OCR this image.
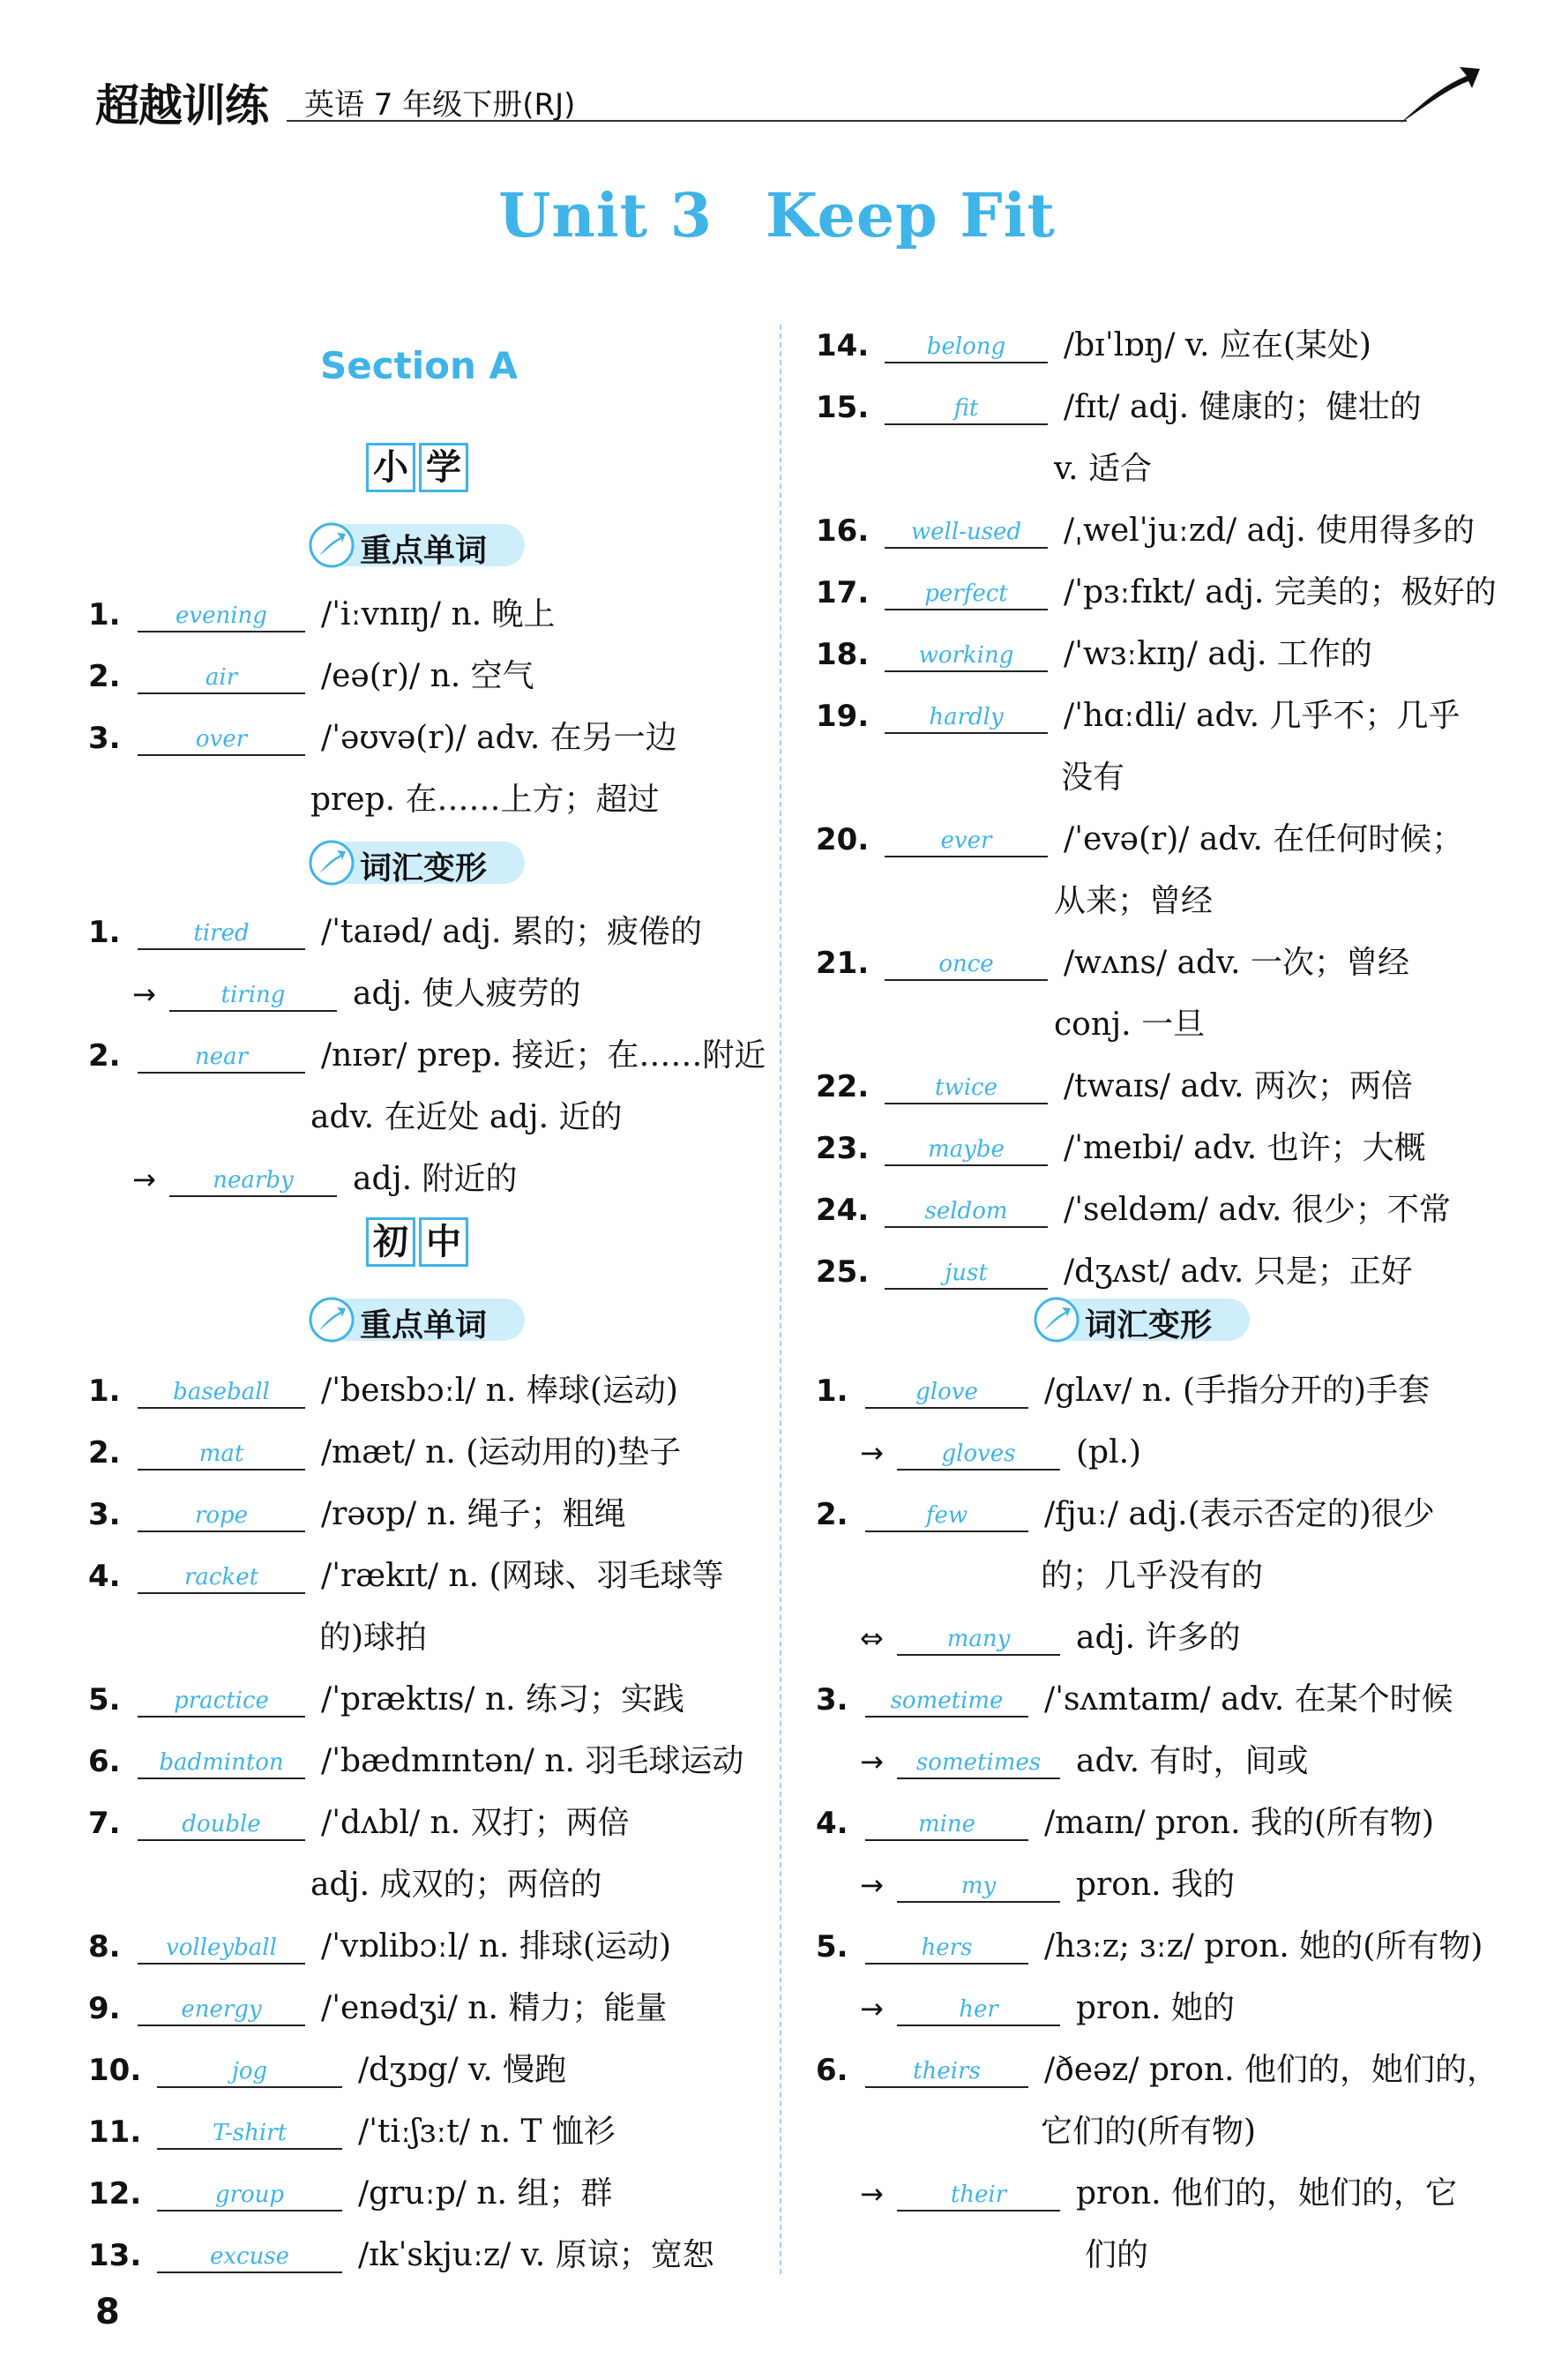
超越训练 英语 7 年级下册(RJ)
Unit 3 Keep Fit
Section A
小 学
初 中
重点单词
词汇变形
重点单词	词汇变形
1.	evening	/ˈiːvnɪŋ/ n. 晚上
2.	air	/eə(r)/ n. 空气
3.	over	/ˈəʊvə(r)/ adv. 在另一边
prep. 在……上方；超过
1.	tired	/ˈtaɪəd/ adj. 累的；疲倦的
→	tiring	adj. 使人疲劳的
2.	near	/nɪər/ prep. 接近；在……附近
adv. 在近处 adj. 近的
→	nearby	adj. 附近的
1.	baseball	/ˈbeɪsbɔːl/ n. 棒球(运动)
2.	mat	/mæt/ n. (运动用的)垫子
3.	rope	/rəʊp/ n. 绳子；粗绳
4.	racket	/ˈrækɪt/ n. (网球、羽毛球等
的)球拍
5.	practice	/ˈpræktɪs/ n. 练习；实践
6.	badminton	/ˈbædmɪntən/ n. 羽毛球运动
7.	double	/ˈdʌbl/ n. 双打；两倍
adj. 成双的；两倍的
8.	volleyball	/ˈvɒlibɔːl/ n. 排球(运动)
9.	energy	/ˈenədʒi/ n. 精力；能量
10.	jog	/dʒɒg/ v. 慢跑
11.	T-shirt	/ˈtiːʃɜːt/ n. T 恤衫
12.	group	/gruːp/ n. 组；群
13.	excuse	/ɪkˈskjuːz/ v. 原谅；宽恕
14.	belong	/bɪˈlɒŋ/ v. 应在(某处)
15.	fit	/fɪt/ adj. 健康的；健壮的
v. 适合
16.	well-used	/ˌwelˈjuːzd/ adj. 使用得多的
17.	perfect	/ˈpɜːfɪkt/ adj. 完美的；极好的
18.	working	/ˈwɜːkɪŋ/ adj. 工作的
19.	hardly	/ˈhɑːdli/ adv. 几乎不；几乎
没有
20.	ever	/ˈevə(r)/ adv. 在任何时候；
从来；曾经
21.	once	/wʌns/ adv. 一次；曾经
conj. 一旦
22.	twice	/twaɪs/ adv. 两次；两倍
23.	maybe	/ˈmeɪbi/ adv. 也许；大概
24.	seldom	/ˈseldəm/ adv. 很少；不常
25.	just	/dʒʌst/ adv. 只是；正好
1.	glove	/glʌv/ n. (手指分开的)手套
→	gloves	(pl.)
2.	few	/fjuː/ adj.(表示否定的)很少
的；几乎没有的
⇔	many	adj. 许多的
3.	sometime	/ˈsʌmtaɪm/ adv. 在某个时候
→	sometimes	adv. 有时，间或
4.	mine	/maɪn/ pron. 我的(所有物)
→	my	pron. 我的
5.	hers	/hɜːz; ɜːz/ pron. 她的(所有物)
→	her	pron. 她的
6.	theirs	/ðeəz/ pron. 他们的，她们的，
它们的(所有物)
→	their	pron. 他们的，她们的，它
们的
8
